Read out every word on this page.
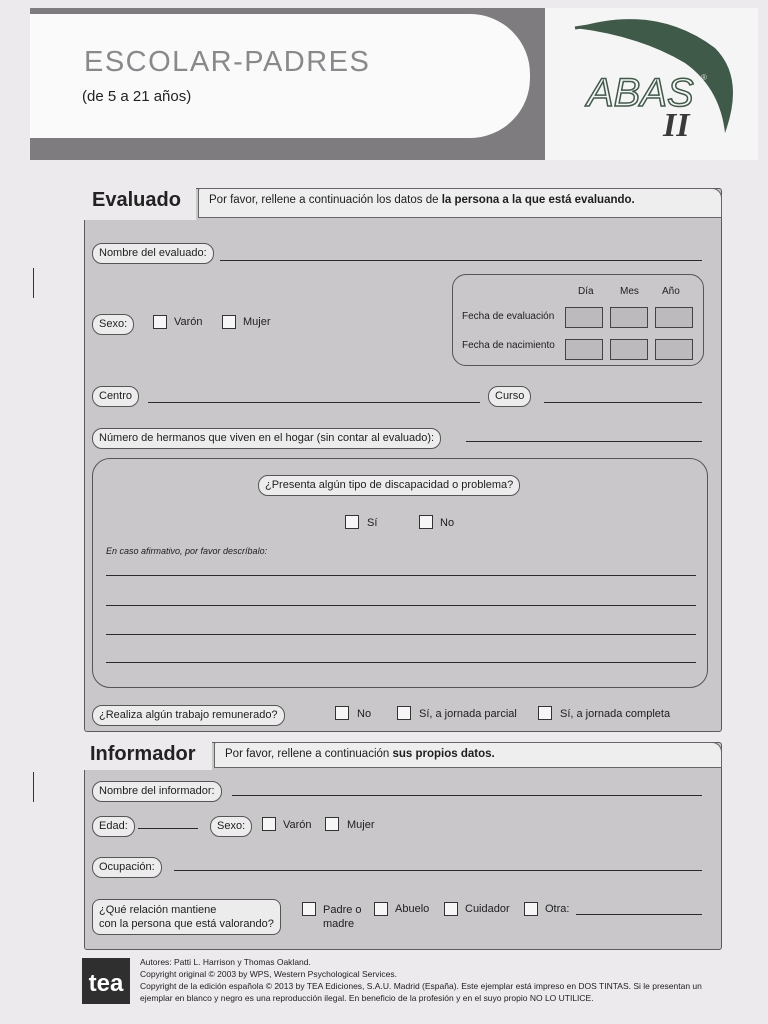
ESCOLAR-PADRES
(de 5 a 21 años)	ABAS ®
II
Evaluado	Por favor, rellene a continuación los datos de la persona a la que está evaluando.
Nombre del evaluado:
Día	Mes Año
Fecha de evaluación
Fecha de nacimiento
Sexo:	Varón	Mujer
Centro	Curso
Número de hermanos que viven en el hogar (sin contar al evaluado):
¿Presenta algún tipo de discapacidad o problema?
Sí	No
En caso afirmativo, por favor descríbalo:
¿Realiza algún trabajo remunerado?	No	Sí, a jornada parcial	Sí, a jornada completa
Informador	Por favor, rellene a continuación sus propios datos.
Nombre del informador:
Edad:	Sexo:	Varón	Mujer
Ocupación:
¿Qué relación mantiene
con la persona que está valorando?
Padre o
madre
Abuelo	Cuidador	Otra:
tea
Autores: Patti L. Harrison y Thomas Oakland.
Copyright original © 2003 by WPS, Western Psychological Services.
Copyright de la edición española © 2013 by TEA Ediciones, S.A.U. Madrid (España). Este ejemplar está impreso en DOS TINTAS. Si le presentan un
ejemplar en blanco y negro es una reproducción ilegal. En beneficio de la profesión y en el suyo propio NO LO UTILICE.
